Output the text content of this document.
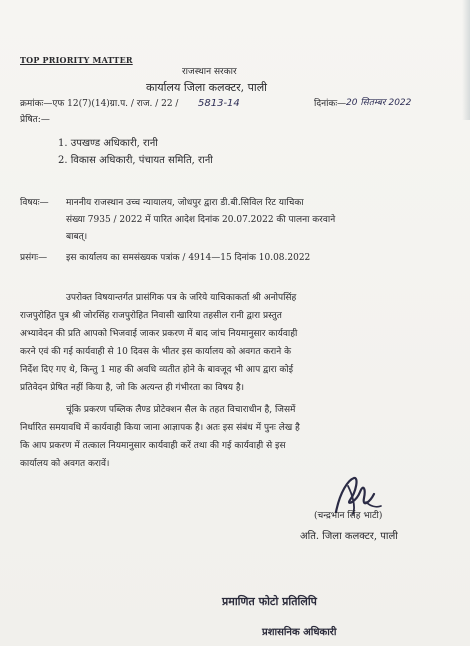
TOP PRIORITY MATTER
राजस्थान सरकार
कार्यालय जिला कलक्टर, पाली
क्रमांकः—एफ 12(7)(14)ग्रा.प. / राज. / 22 / 5813-14	दिनांकः— 20 सितम्बर 2022
प्रेषित:—
1. उपखण्ड अधिकारी, रानी
2. विकास अधिकारी, पंचायत समिति, रानी
विषयः— माननीय राजस्थान उच्च न्यायालय, जोधपुर द्वारा डी.बी.सिविल रिट याचिका
संख्या 7935 / 2022 में पारित आदेश दिनांक 20.07.2022 की पालना करवाने
बाबत्।
प्रसंगः— इस कार्यालय का समसंख्यक पत्रांक / 4914—15 दिनांक 10.08.2022
उपरोक्त विषयान्तर्गत प्रासंगिक पत्र के जरिये याचिकाकर्ता श्री अनोपसिंह
राजपुरोहित पुत्र श्री जोरसिंह राजपुरोहित निवासी खारिया तहसील रानी द्वारा प्रस्तुत
अभ्यावेदन की प्रति आपको भिजवाई जाकर प्रकरण में बाद जांच नियमानुसार कार्यवाही
करने एवं की गई कार्यवाही से 10 दिवस के भीतर इस कार्यालय को अवगत कराने के
निर्देश दिए गए थे, किन्तु 1 माह की अवधि व्यतीत होने के बावजूद भी आप द्वारा कोई
प्रतिवेदन प्रेषित नहीं किया है, जो कि अत्यन्त ही गंभीरता का विषय है।
चूंकि प्रकरण पब्लिक लैण्ड प्रोटेक्शन सैल के तहत विचाराधीन है, जिसमें
निर्धारित समयावधि में कार्यवाही किया जाना आज्ञापक है। अतः इस संबंध में पुनः लेख है
कि आप प्रकरण में तत्काल नियमानुसार कार्यवाही करें तथा की गई कार्यवाही से इस
कार्यालय को अवगत करावें।
(चन्द्रभान सिंह भाटी)
अति. जिला कलक्टर, पाली
प्रमाणित फोटो प्रतिलिपि
प्रशासनिक अधिकारी
